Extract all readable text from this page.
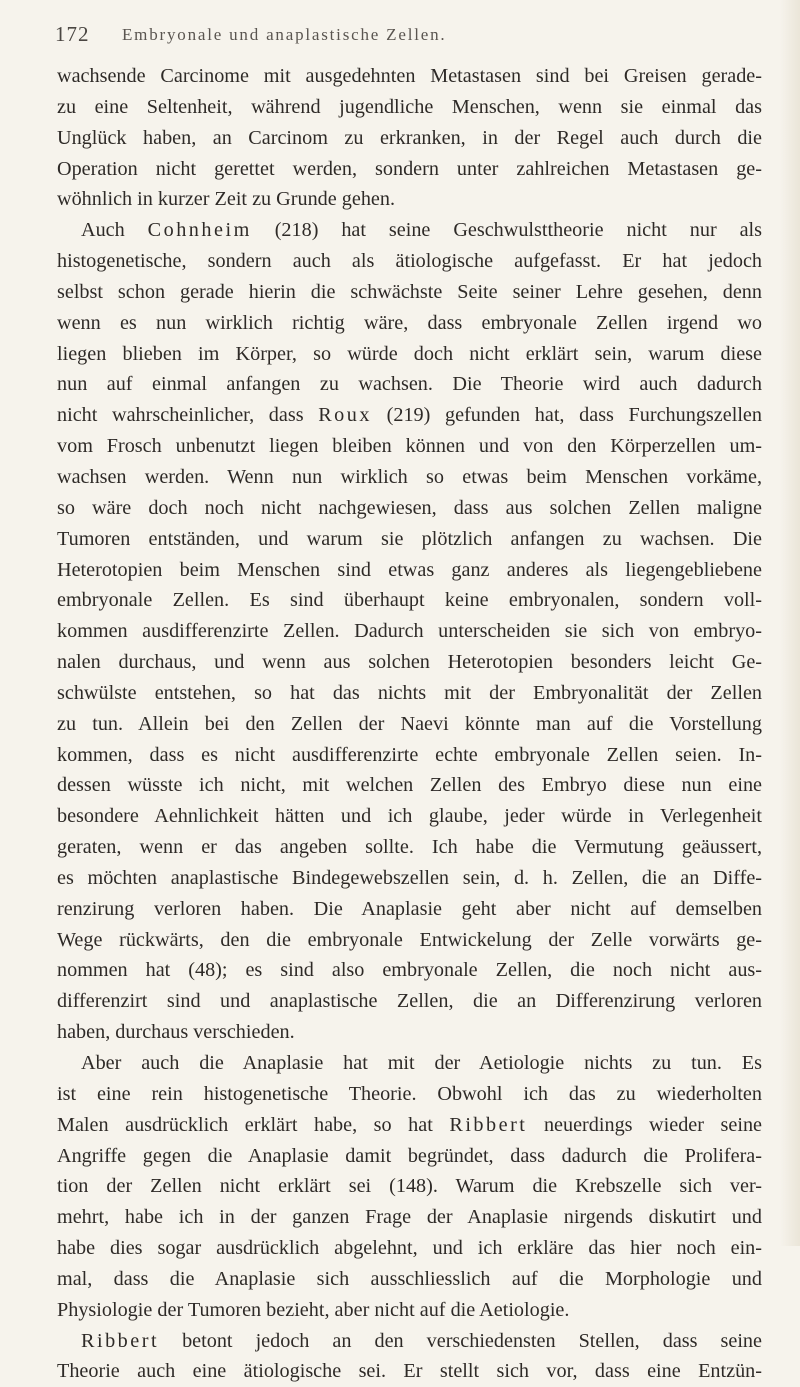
172 Embryonale und anaplastische Zellen.
wachsende Carcinome mit ausgedehnten Metastasen sind bei Greisen gerade-
zu eine Seltenheit, während jugendliche Menschen, wenn sie einmal das
Unglück haben, an Carcinom zu erkranken, in der Regel auch durch die
Operation nicht gerettet werden, sondern unter zahlreichen Metastasen ge-
wöhnlich in kurzer Zeit zu Grunde gehen.
Auch Cohnheim (218) hat seine Geschwulsttheorie nicht nur als
histogenetische, sondern auch als ätiologische aufgefasst. Er hat jedoch
selbst schon gerade hierin die schwächste Seite seiner Lehre gesehen, denn
wenn es nun wirklich richtig wäre, dass embryonale Zellen irgend wo
liegen blieben im Körper, so würde doch nicht erklärt sein, warum diese
nun auf einmal anfangen zu wachsen. Die Theorie wird auch dadurch
nicht wahrscheinlicher, dass Roux (219) gefunden hat, dass Furchungszellen
vom Frosch unbenutzt liegen bleiben können und von den Körperzellen um-
wachsen werden. Wenn nun wirklich so etwas beim Menschen vorkäme,
so wäre doch noch nicht nachgewiesen, dass aus solchen Zellen maligne
Tumoren entständen, und warum sie plötzlich anfangen zu wachsen. Die
Heterotopien beim Menschen sind etwas ganz anderes als liegengebliebene
embryonale Zellen. Es sind überhaupt keine embryonalen, sondern voll-
kommen ausdifferenzirte Zellen. Dadurch unterscheiden sie sich von embryo-
nalen durchaus, und wenn aus solchen Heterotopien besonders leicht Ge-
schwülste entstehen, so hat das nichts mit der Embryonalität der Zellen
zu tun. Allein bei den Zellen der Naevi könnte man auf die Vorstellung
kommen, dass es nicht ausdifferenzirte echte embryonale Zellen seien. In-
dessen wüsste ich nicht, mit welchen Zellen des Embryo diese nun eine
besondere Aehnlichkeit hätten und ich glaube, jeder würde in Verlegenheit
geraten, wenn er das angeben sollte. Ich habe die Vermutung geäussert,
es möchten anaplastische Bindegewebszellen sein, d. h. Zellen, die an Diffe-
renzirung verloren haben. Die Anaplasie geht aber nicht auf demselben
Wege rückwärts, den die embryonale Entwickelung der Zelle vorwärts ge-
nommen hat (48); es sind also embryonale Zellen, die noch nicht aus-
differenzirt sind und anaplastische Zellen, die an Differenzirung verloren
haben, durchaus verschieden.
Aber auch die Anaplasie hat mit der Aetiologie nichts zu tun. Es
ist eine rein histogenetische Theorie. Obwohl ich das zu wiederholten
Malen ausdrücklich erklärt habe, so hat Ribbert neuerdings wieder seine
Angriffe gegen die Anaplasie damit begründet, dass dadurch die Prolifera-
tion der Zellen nicht erklärt sei (148). Warum die Krebszelle sich ver-
mehrt, habe ich in der ganzen Frage der Anaplasie nirgends diskutirt und
habe dies sogar ausdrücklich abgelehnt, und ich erkläre das hier noch ein-
mal, dass die Anaplasie sich ausschliesslich auf die Morphologie und
Physiologie der Tumoren bezieht, aber nicht auf die Aetiologie.
Ribbert betont jedoch an den verschiedensten Stellen, dass seine
Theorie auch eine ätiologische sei. Er stellt sich vor, dass eine Entzün-
